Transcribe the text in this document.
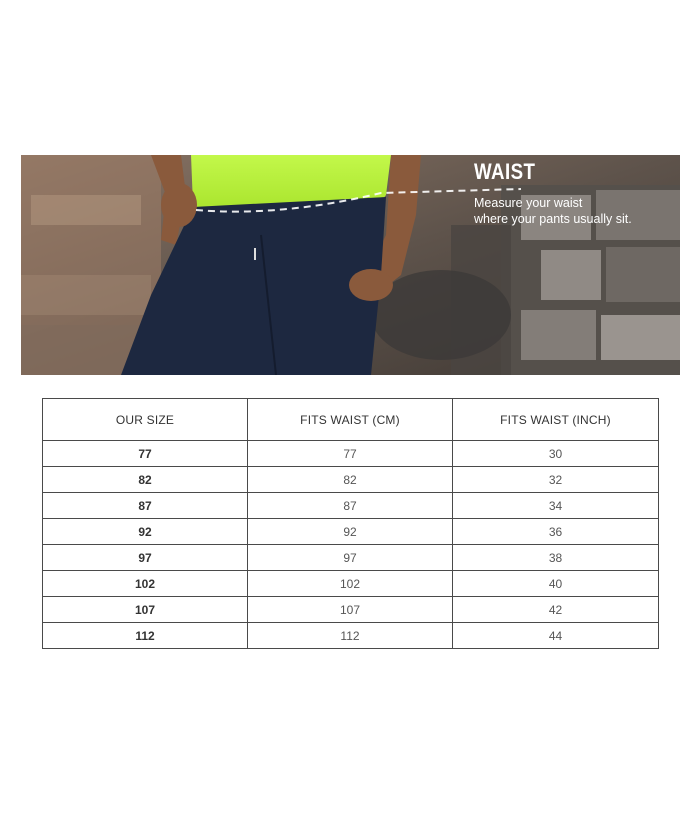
WAIST
Measure your waist
where your pants usually sit.
OUR SIZE	FITS WAIST (CM)	FITS WAIST (INCH)
77	77	30
82	82	32
87	87	34
92	92	36
97	97	38
102	102	40
107	107	42
112	112	44
